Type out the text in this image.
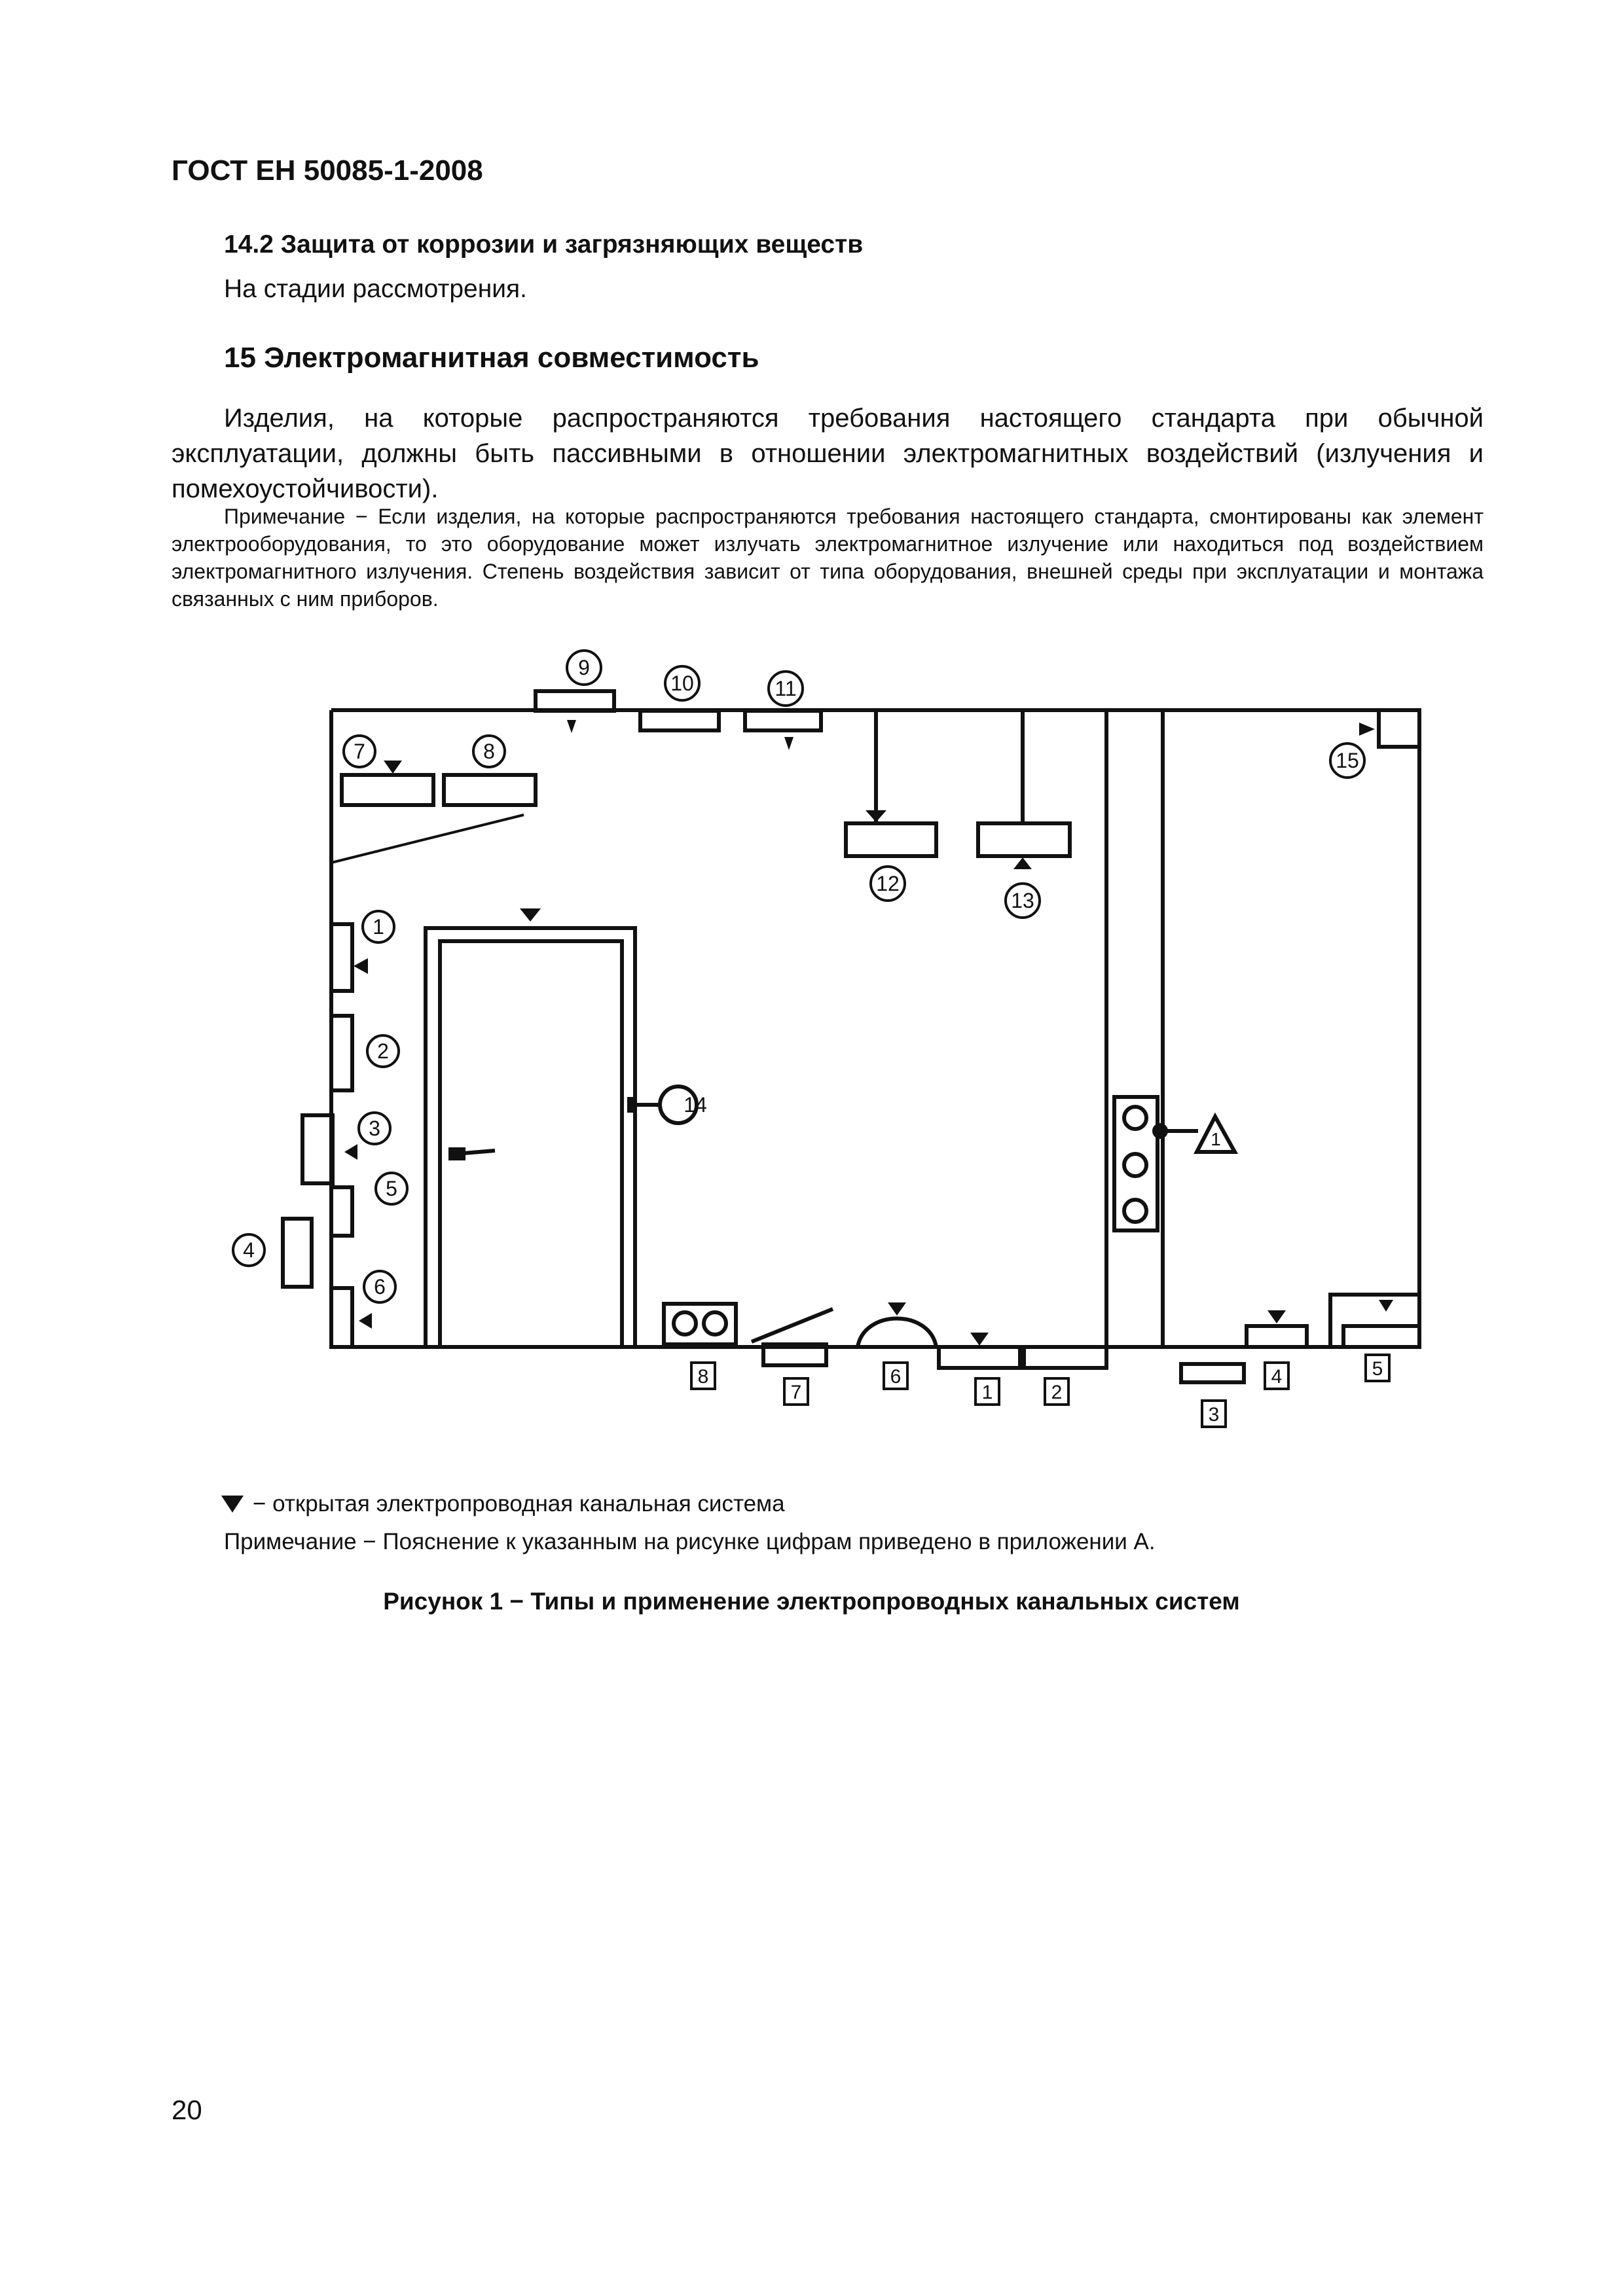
ГОСТ ЕН 50085-1-2008
14.2 Защита от коррозии и загрязняющих веществ
На стадии рассмотрения.
15 Электромагнитная совместимость
Изделия, на которые распространяются требования настоящего стандарта при обычной эксплуатации, должны быть пассивными в отношении электромагнитных воздействий (излучения и помехоустойчивости).
Примечание − Если изделия, на которые распространяются требования настоящего стандарта, смонтированы как элемент электрооборудования, то это оборудование может излучать электромагнитное излучение или находиться под воздействием электромагнитного излучения. Степень воздействия зависит от типа оборудования, внешней среды при эксплуатации и монтажа связанных с ним приборов.
1
2
3
4
5
6
7	8
9
10	11
12
13
14
15
1
1	2
3
4	5
6
7
8
− открытая электропроводная канальная система
Примечание − Пояснение к указанным на рисунке цифрам приведено в приложении А.
Рисунок 1 − Типы и применение электропроводных канальных систем
20
